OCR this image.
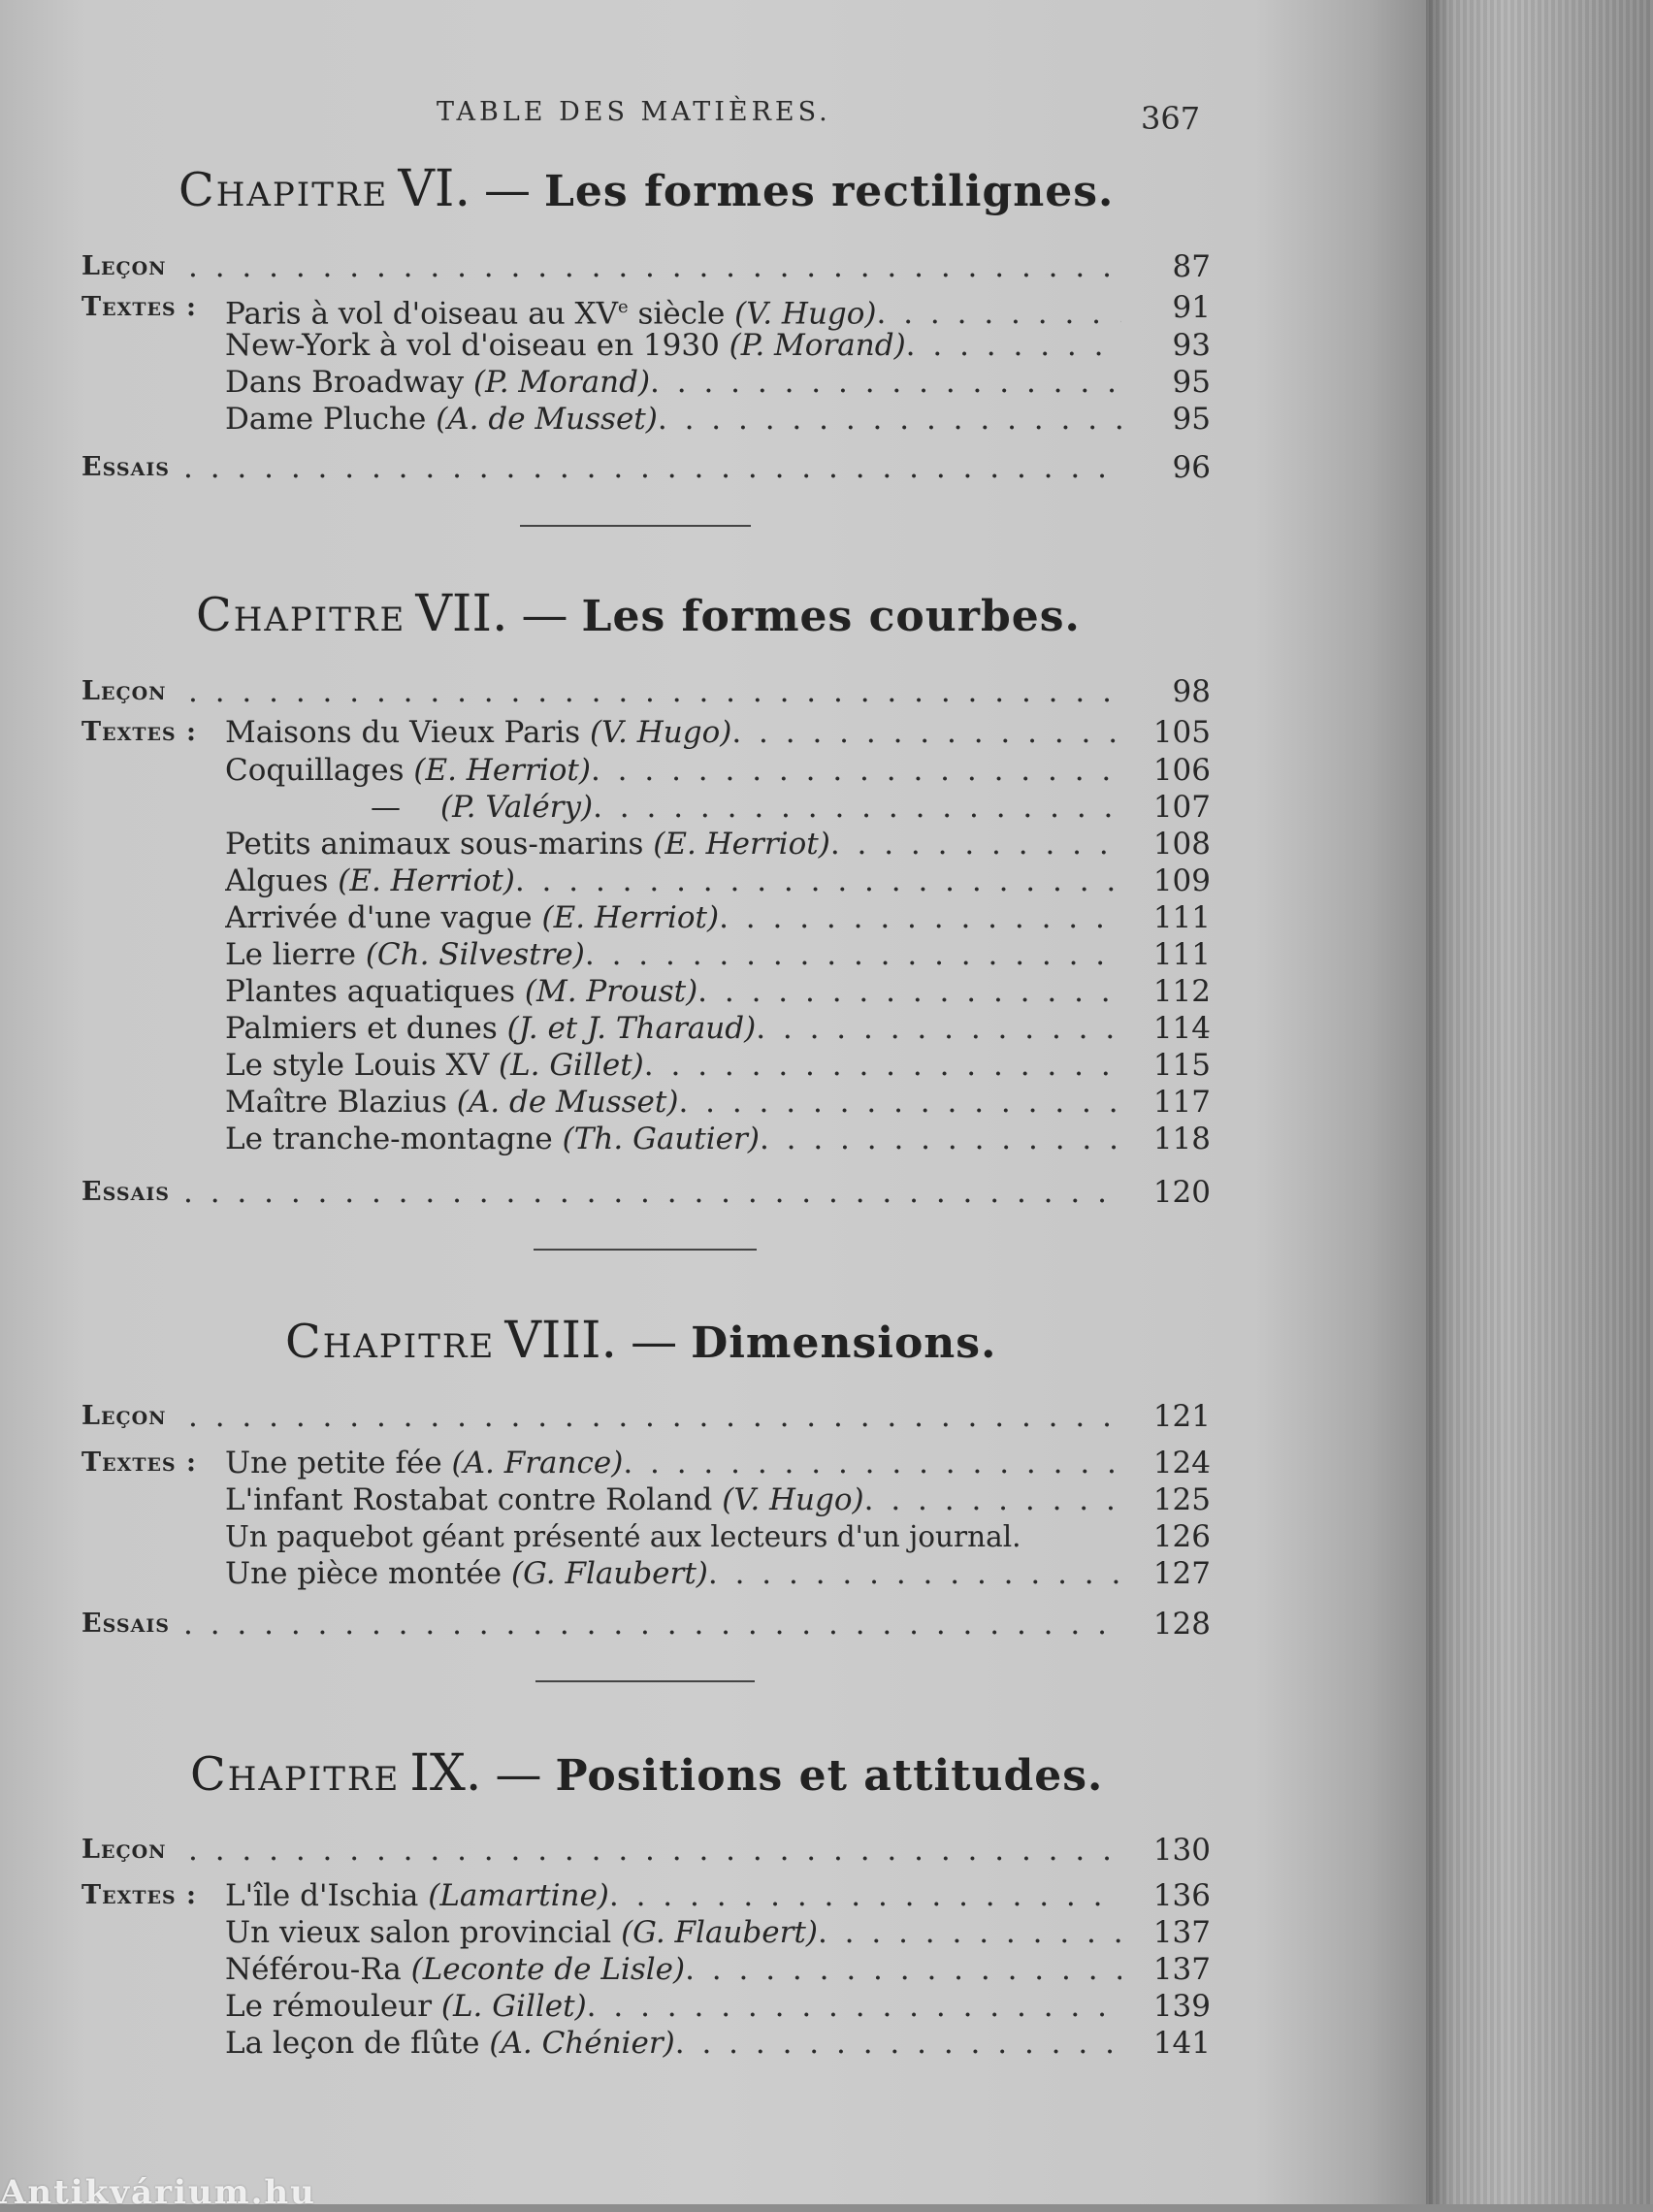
TABLE DES MATIÈRES.	367
Chapitre VI. — Les formes rectilignes.
Leçon . . .	87
Textes : Paris à vol d'oiseau au XVe siècle (V. Hugo) . . .	91
New-York à vol d'oiseau en 1930 (P. Morand) . . .	93
Dans Broadway (P. Morand) . . .	95
Dame Pluche (A. de Musset) . . .	95
Essais . . .	96
Chapitre VII. — Les formes courbes.
Leçon . . .	98
Textes : Maisons du Vieux Paris (V. Hugo) . . .	105
Coquillages (E. Herriot) . . .	106
— (P. Valéry) . . .	107
Petits animaux sous-marins (E. Herriot) . . .	108
Algues (E. Herriot) . . .	109
Arrivée d'une vague (E. Herriot) . . .	111
Le lierre (Ch. Silvestre) . . .	111
Plantes aquatiques (M. Proust) . . .	112
Palmiers et dunes (J. et J. Tharaud) . . .	114
Le style Louis XV (L. Gillet) . . .	115
Maître Blazius (A. de Musset) . . .	117
Le tranche-montagne (Th. Gautier) . . .	118
Essais . . .	120
Chapitre VIII. — Dimensions.
Leçon . . .	121
Textes : Une petite fée (A. France) . . .	124
L'infant Rostabat contre Roland (V. Hugo) . . .	125
Un paquebot géant présenté aux lecteurs d'un journal.	126
Une pièce montée (G. Flaubert) . . .	127
Essais . . .	128
Chapitre IX. — Positions et attitudes.
Leçon . . .	130
Textes : L'île d'Ischia (Lamartine) . . .	136
Un vieux salon provincial (G. Flaubert) . . .	137
Néférou-Ra (Leconte de Lisle) . . .	137
Le rémouleur (L. Gillet) . . .	139
La leçon de flûte (A. Chénier) . . .	141
Antikvárium.hu
